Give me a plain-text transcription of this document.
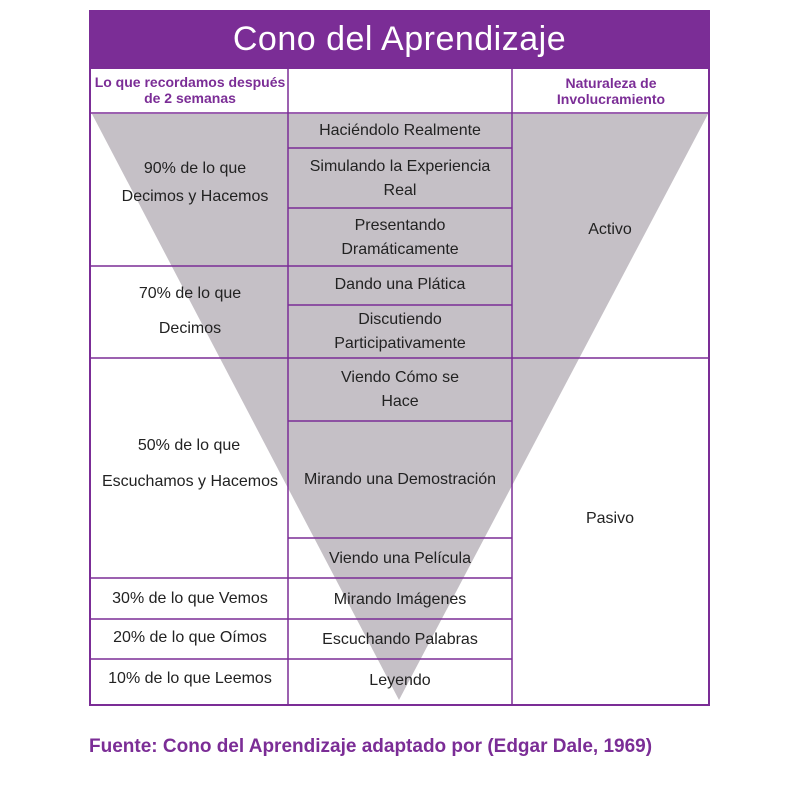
Cono del Aprendizaje
Lo que recordamos después de 2 semanas
Naturaleza de Involucramiento
90% de lo que
Decimos y Hacemos
70% de lo que
Decimos
50% de lo que
Escuchamos y Hacemos
30% de lo que Vemos
20% de lo que Oímos
10% de lo que Leemos
Haciéndolo Realmente
Simulando la Experiencia Real
Presentando Dramáticamente
Dando una Plática
Discutiendo Participativamente
Viendo Cómo se Hace
Mirando una Demostración
Viendo una Película
Mirando Imágenes
Escuchando Palabras
Leyendo
Activo
Pasivo
Fuente: Cono del Aprendizaje adaptado por (Edgar Dale, 1969)
